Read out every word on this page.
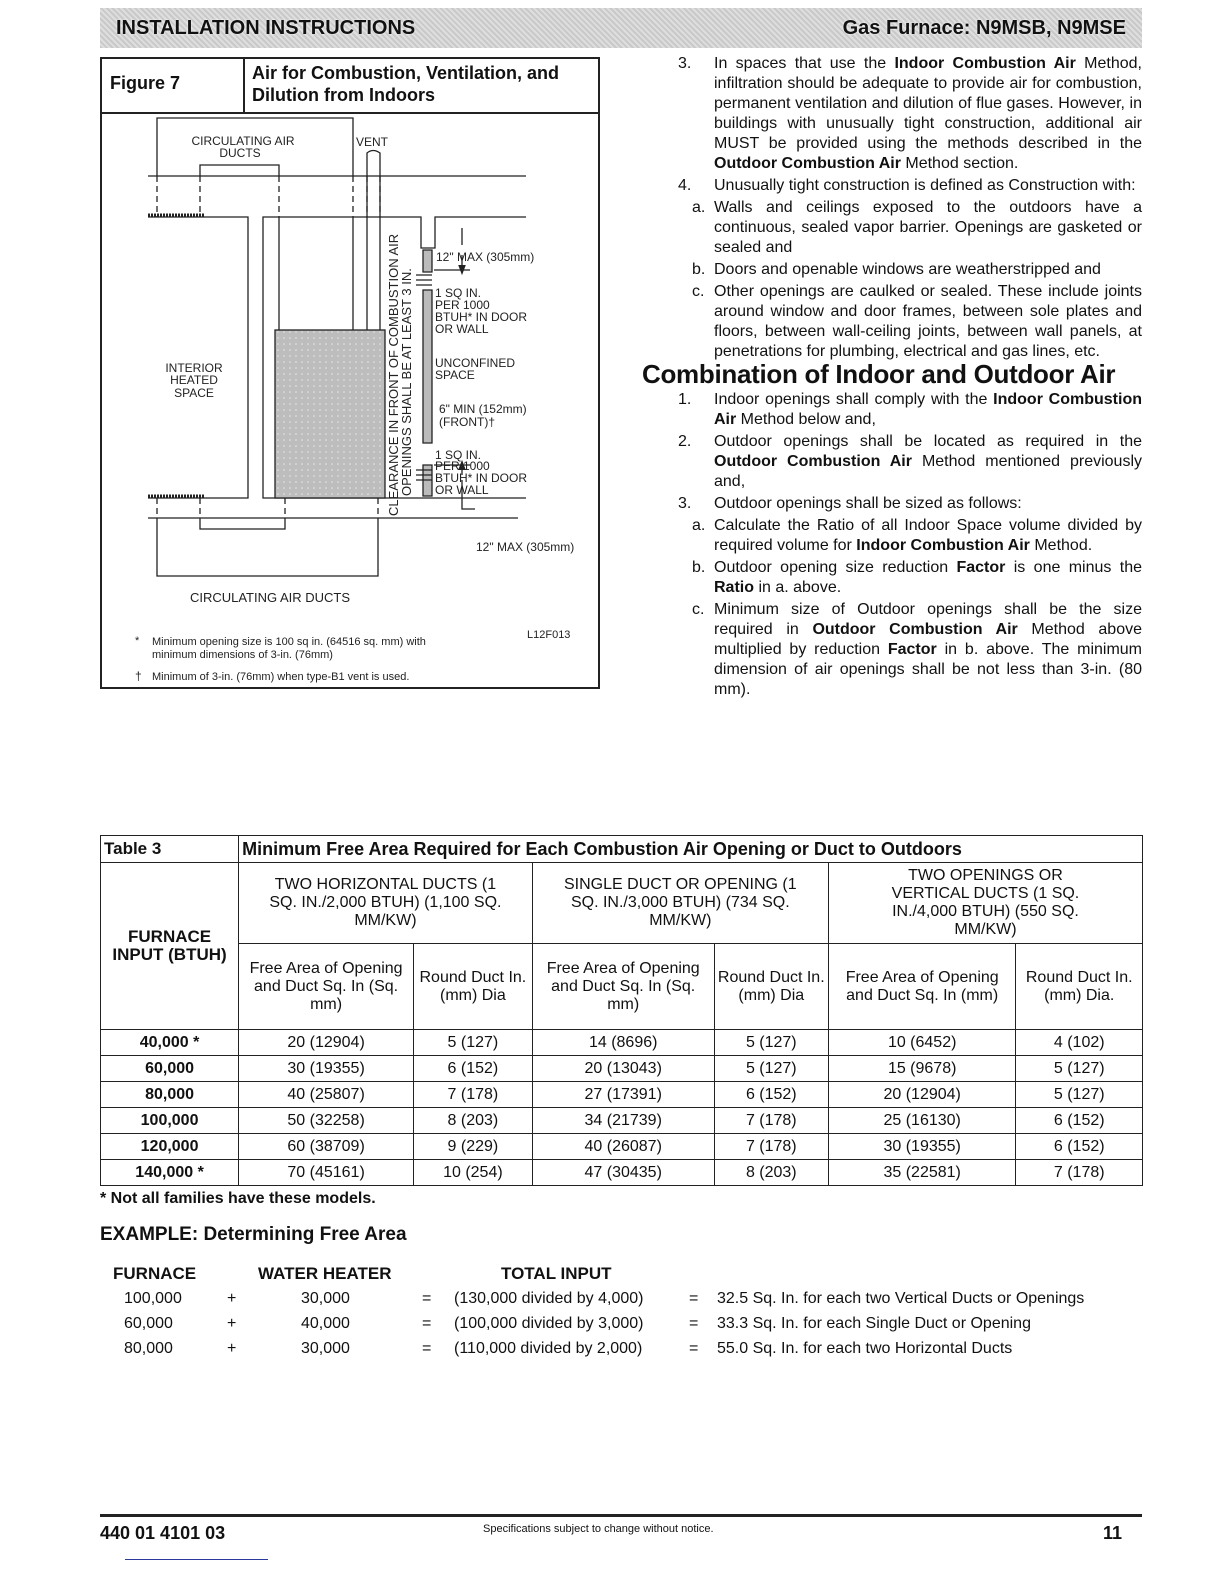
INSTALLATION INSTRUCTIONS	Gas Furnace: N9MSB, N9MSE
Figure 7	Air for Combustion, Ventilation, and Dilution from Indoors
CIRCULATING AIR
DUCTS
VENT
INTERIOR
HEATED
SPACE	CLEARANCE IN FRONT OF COMBUSTION AIR
OPENINGS SHALL BE AT LEAST 3 IN.
12" MAX (305mm)
1 SQ IN.
PER 1000
BTUH* IN DOOR
OR WALL
UNCONFINED
SPACE
6" MIN (152mm)
(FRONT)†
1 SQ IN.
PER 1000
BTUH* IN DOOR
OR WALL
12" MAX (305mm)
CIRCULATING AIR DUCTS
L12F013
* Minimum opening size is 100 sq in. (64516 sq. mm) with
minimum dimensions of 3-in. (76mm)
† Minimum of 3-in. (76mm) when type-B1 vent is used.
3. In spaces that use the Indoor Combustion Air Method, infiltration should be adequate to provide air for combustion, permanent ventilation and dilution of flue gases. However, in buildings with unusually tight construction, additional air MUST be provided using the methods described in the Outdoor Combustion Air Method section.
4. Unusually tight construction is defined as Construction with:
a. Walls and ceilings exposed to the outdoors have a continuous, sealed vapor barrier. Openings are gasketed or sealed and
b. Doors and openable windows are weatherstripped and
c. Other openings are caulked or sealed. These include joints around window and door frames, between sole plates and floors, between wall-ceiling joints, between wall panels, at penetrations for plumbing, electrical and gas lines, etc.
Combination of Indoor and Outdoor Air
1. Indoor openings shall comply with the Indoor Combustion Air Method below and,
2. Outdoor openings shall be located as required in the Outdoor Combustion Air Method mentioned previously and,
3. Outdoor openings shall be sized as follows:
a. Calculate the Ratio of all Indoor Space volume divided by required volume for Indoor Combustion Air Method.
b. Outdoor opening size reduction Factor is one minus the Ratio in a. above.
c. Minimum size of Outdoor openings shall be the size required in Outdoor Combustion Air Method above multiplied by reduction Factor in b. above. The minimum dimension of air openings shall be not less than 3-in. (80 mm).
Table 3	Minimum Free Area Required for Each Combustion Air Opening or Duct to Outdoors					
FURNACE INPUT (BTUH)	TWO HORIZONTAL DUCTS (1 SQ. IN./2,000 BTUH) (1,100 SQ. MM/KW)		SINGLE DUCT OR OPENING (1 SQ. IN./3,000 BTUH) (734 SQ. MM/KW)		TWO OPENINGS OR VERTICAL DUCTS (1 SQ. IN./4,000 BTUH) (550 SQ. MM/KW)	
	Free Area of Opening and Duct Sq. In (Sq. mm)	Round Duct In. (mm) Dia	Free Area of Opening and Duct Sq. In (Sq. mm)	Round Duct In. (mm) Dia	Free Area of Opening and Duct Sq. In (mm)	Round Duct In. (mm) Dia.
40,000 *	20 (12904)	5 (127)	14 (8696)	5 (127)	10 (6452)	4 (102)
60,000	30 (19355)	6 (152)	20 (13043)	5 (127)	15 (9678)	5 (127)
80,000	40 (25807)	7 (178)	27 (17391)	6 (152)	20 (12904)	5 (127)
100,000	50 (32258)	8 (203)	34 (21739)	7 (178)	25 (16130)	6 (152)
120,000	60 (38709)	9 (229)	40 (26087)	7 (178)	30 (19355)	6 (152)
140,000 *	70 (45161)	10 (254)	47 (30435)	8 (203)	35 (22581)	7 (178)
* Not all families have these models.
EXAMPLE: Determining Free Area
FURNACE	WATER HEATER	TOTAL INPUT
100,000	+	30,000	= (130,000 divided by 4,000)	= 32.5 Sq. In. for each two Vertical Ducts or Openings
60,000	+	40,000	= (100,000 divided by 3,000)	= 33.3 Sq. In. for each Single Duct or Opening
80,000	+	30,000	= (110,000 divided by 2,000)	= 55.0 Sq. In. for each two Horizontal Ducts
440 01 4101 03	Specifications subject to change without notice.	11
